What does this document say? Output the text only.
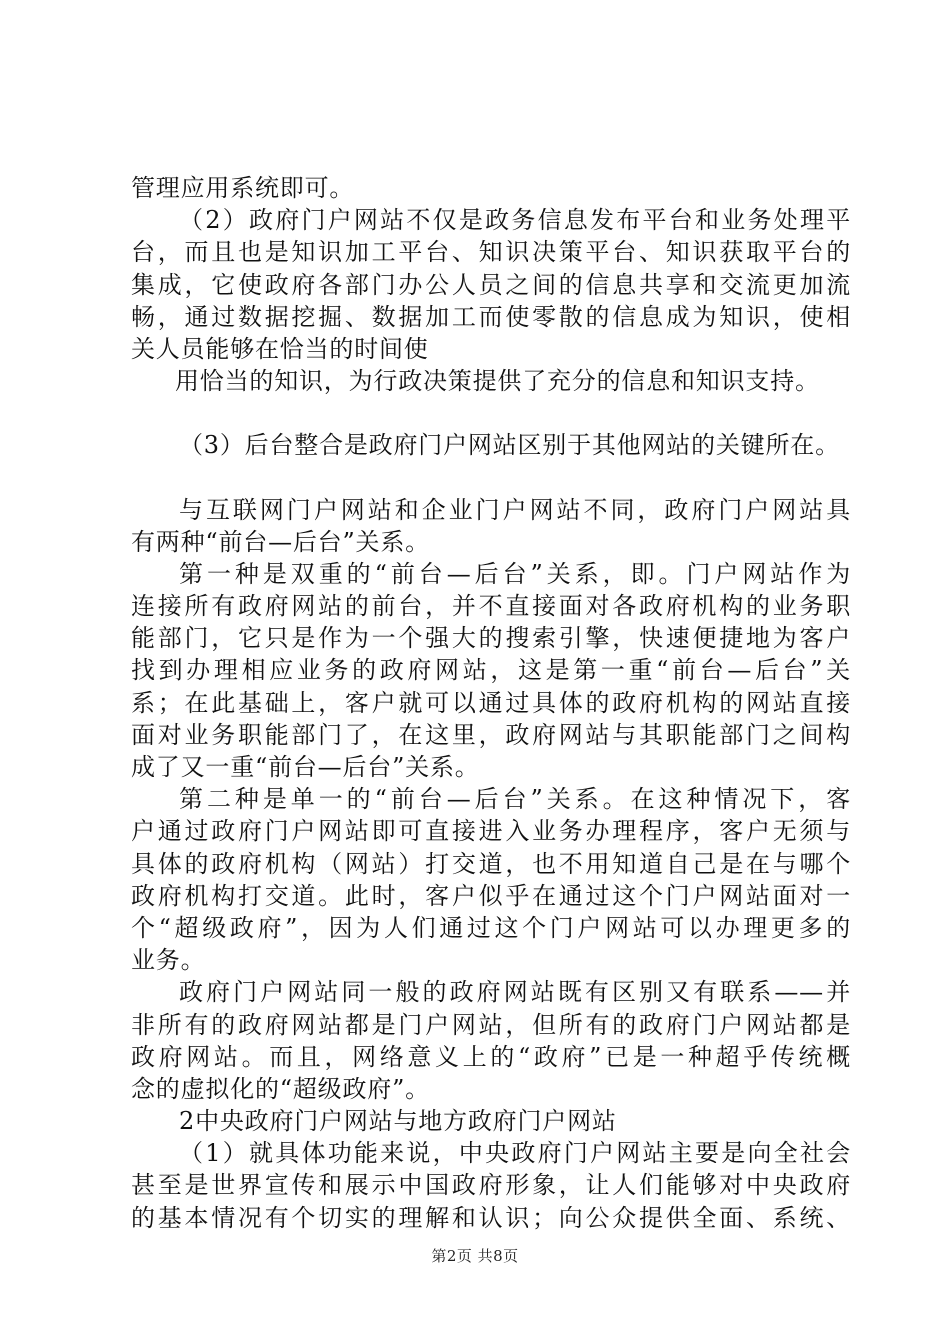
管理应用系统即可。
（2）政府门户网站不仅是政务信息发布平台和业务处理平
台，而且也是知识加工平台、知识决策平台、知识获取平台的
集成，它使政府各部门办公人员之间的信息共享和交流更加流
畅，通过数据挖掘、数据加工而使零散的信息成为知识，使相
关人员能够在恰当的时间使
用恰当的知识，为行政决策提供了充分的信息和知识支持。
（3）后台整合是政府门户网站区别于其他网站的关键所在。
与互联网门户网站和企业门户网站不同，政府门户网站具
有两种“前台—后台”关系。
第一种是双重的“前台—后台”关系，即。门户网站作为
连接所有政府网站的前台，并不直接面对各政府机构的业务职
能部门，它只是作为一个强大的搜索引擎，快速便捷地为客户
找到办理相应业务的政府网站，这是第一重“前台—后台”关
系；在此基础上，客户就可以通过具体的政府机构的网站直接
面对业务职能部门了，在这里，政府网站与其职能部门之间构
成了又一重“前台—后台”关系。
第二种是单一的“前台—后台”关系。在这种情况下，客
户通过政府门户网站即可直接进入业务办理程序，客户无须与
具体的政府机构（网站）打交道，也不用知道自己是在与哪个
政府机构打交道。此时，客户似乎在通过这个门户网站面对一
个“超级政府”，因为人们通过这个门户网站可以办理更多的
业务。
政府门户网站同一般的政府网站既有区别又有联系——并
非所有的政府网站都是门户网站，但所有的政府门户网站都是
政府网站。而且，网络意义上的“政府”已是一种超乎传统概
念的虚拟化的“超级政府”。
2中央政府门户网站与地方政府门户网站
（1）就具体功能来说，中央政府门户网站主要是向全社会
甚至是世界宣传和展示中国政府形象，让人们能够对中央政府
的基本情况有个切实的理解和认识；向公众提供全面、系统、
第2页 共8页
